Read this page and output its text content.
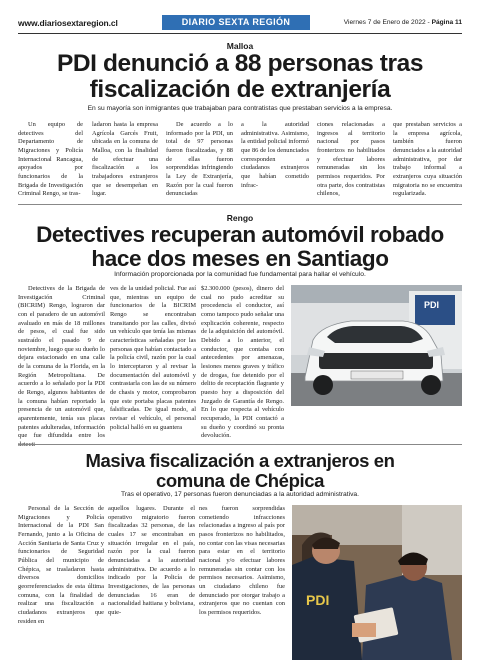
www.diariosextaregion.cl	DIARIO SEXTA REGIÓN	Viernes 7 de Enero de 2022 - Página 11
Malloa
PDI denunció a 88 personas tras fiscalización de extranjería
En su mayoría son inmigrantes que trabajaban para contratistas que prestaban servicios a la empresa.
Un equipo de detectives del Departamento de Migraciones y Policía Internacional Rancagua, apoyados por funcionarios de la Brigada de Investigación Criminal Rengo, se tras-
ladaron hasta la empresa Agrícola Garcés Fruit, ubicada en la comuna de Malloa, con la finalidad de efectuar una fiscalización a los trabajadores extranjeros que se desempeñan en lugar.
De acuerdo a lo informado por la PDI, un total de 97 personas fueron fiscalizadas, y 88 de ellas fueron sorprendidas infringiendo la Ley de Extranjería, Razón por la cual fueron denunciadas
a la autoridad administrativa. Asimismo, la entidad policial informó que 86 de los denunciados corresponden a ciudadanos extranjeros que habían cometido infrac-
ciones relacionadas a ingresos al territorio nacional por pasos fronterizos no habilitados y efectuar labores remuneradas sin los permisos requeridos. Por otra parte, dos contratistas chilenos,
que prestaban servicios a la empresa agrícola, también fueron denunciados a la autoridad administrativa, por dar trabajo informal a extranjeros cuya situación migratoria no se encuentra regularizada.
Rengo
Detectives recuperan automóvil robado hace dos meses en Santiago
Información proporcionada por la comunidad fue fundamental para hallar el vehículo.
Detectives de la Brigada de Investigación Criminal (BICRIM) Rengo, lograron dar con el paradero de un automóvil avaluado en más de 18 millones de pesos, el cual fue sido sustraído el pasado 9 de noviembre, luego que su dueño lo dejara estacionado en una calle de la comuna de la Florida, en la Región Metropolitana. De acuerdo a lo señalado por la PDI de Rengo, algunos habitantes de la comuna habían reportado la presencia de un automóvil que, aparentemente, tenía sus placas patentes adulteradas, información que fue difundida entre los
ves de la unidad policial. Fue así que, mientras un equipo de funcionarios de la BICRIM Rengo se encontraban transitando por las calles, divisó un vehículo que tenía las mismas características señaladas por las personas que habían contactado a la policía civil, razón por la cual lo interceptaron y al revisar la documentación del automóvil y contrastarla con las de su número de chasis y motor, comprobaron que este portaba placas patentes falsificadas. De igual modo, al revisar el vehículo, el personal policial halló en su guantera
$2.300.000 (pesos), dinero del cual no pudo acreditar su procedencia el conductor, así como tampoco pudo señalar una explicación coherente, respecto de la adquisición del automóvil. Debido a lo anterior, el conductor, que contaba con antecedentes por amenazas, lesiones menos graves y tráfico de drogas, fue detenido por el delito de receptación flagrante y puesto hoy a disposición del Juzgado de Garantía de Rengo. En lo que respecta al vehículo recuperado, la PDI contactó a su dueño y coordinó su pronta devolución.
PDI
Masiva fiscalización a extranjeros en comuna de Chépica
Tras el operativo, 17 personas fueron denunciadas a la autoridad administrativa.
Personal de la Sección de Migraciones y Policía Internacional de la PDI San Fernando, junto a la Oficina de Acción Sanitaria de Santa Cruz y funcionarios de Seguridad Pública del municipio de Chépica, se trasladaron hasta diversos domicilios georreferenciados de esta última comuna, con la finalidad de realizar una fiscalización a ciudadanos extranjeros que residen en
aquellos lugares. Durante el operativo migratorio fueron fiscalizadas 32 personas, de las cuales 17 se encontraban en situación irregular en el país, razón por la cual fueron denunciadas a la autoridad administrativa. De acuerdo a lo indicado por la Policía de Investigaciones, de las personas denunciadas 16 eran de nacionalidad haitiana y boliviana, quie-
nes fueron sorprendidas cometiendo infracciones relacionadas a ingreso al país por pasos fronterizos no habilitados, no contar con las visas necesarias para estar en el territorio nacional y/o efectuar labores remuneradas sin contar con los permisos necesarios. Asimismo, un ciudadano chileno fue denunciado por otorgar trabajo a extranjeros que no cuentan con los permisos requeridos.
PDI
